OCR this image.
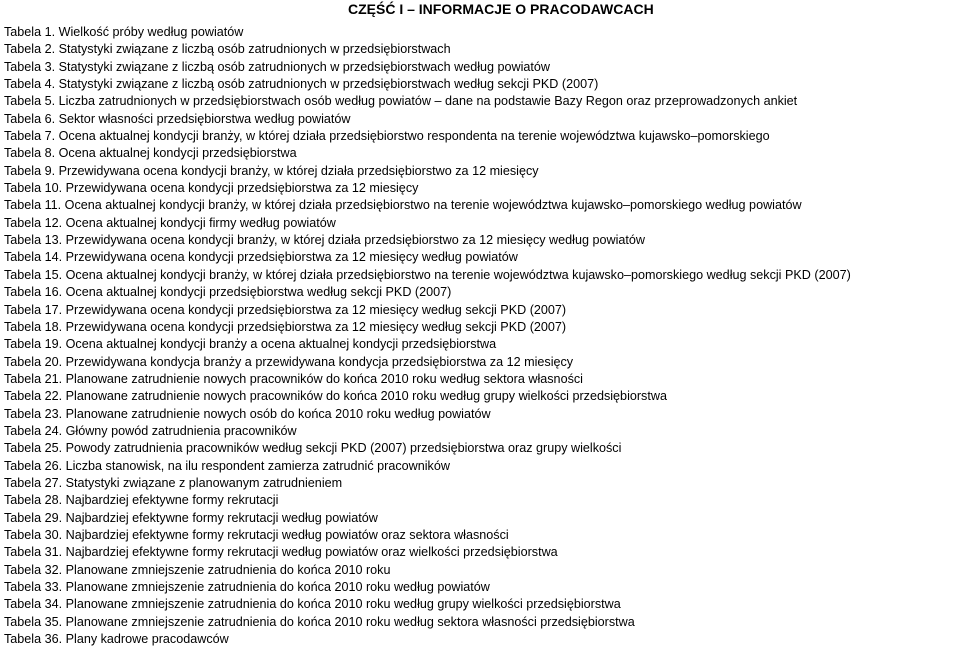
CZĘŚĆ I – INFORMACJE O PRACODAWCACH
Tabela 1. Wielkość próby według powiatów
Tabela 2. Statystyki związane z liczbą osób zatrudnionych w przedsiębiorstwach
Tabela 3. Statystyki związane z liczbą osób zatrudnionych w przedsiębiorstwach według powiatów
Tabela 4. Statystyki związane z liczbą osób zatrudnionych w przedsiębiorstwach według sekcji PKD (2007)
Tabela 5. Liczba zatrudnionych w przedsiębiorstwach osób według powiatów – dane na podstawie Bazy Regon oraz przeprowadzonych ankiet
Tabela 6. Sektor własności przedsiębiorstwa według powiatów
Tabela 7. Ocena aktualnej kondycji branży, w której działa przedsiębiorstwo respondenta na terenie województwa kujawsko–pomorskiego
Tabela 8. Ocena aktualnej kondycji przedsiębiorstwa
Tabela 9. Przewidywana ocena kondycji branży, w której działa przedsiębiorstwo za 12 miesięcy
Tabela 10. Przewidywana ocena kondycji przedsiębiorstwa za 12 miesięcy
Tabela 11. Ocena aktualnej kondycji branży, w której działa przedsiębiorstwo na terenie województwa kujawsko–pomorskiego według powiatów
Tabela 12. Ocena aktualnej kondycji firmy według powiatów
Tabela 13. Przewidywana ocena kondycji branży, w której działa przedsiębiorstwo za 12 miesięcy według powiatów
Tabela 14. Przewidywana ocena kondycji przedsiębiorstwa za 12 miesięcy według powiatów
Tabela 15. Ocena aktualnej kondycji branży, w której działa przedsiębiorstwo na terenie województwa kujawsko–pomorskiego według sekcji PKD (2007)
Tabela 16. Ocena aktualnej kondycji przedsiębiorstwa według sekcji PKD (2007)
Tabela 17. Przewidywana ocena kondycji przedsiębiorstwa za 12 miesięcy według sekcji PKD (2007)
Tabela 18. Przewidywana ocena kondycji przedsiębiorstwa za 12 miesięcy według sekcji PKD (2007)
Tabela 19. Ocena aktualnej kondycji branży a ocena aktualnej kondycji przedsiębiorstwa
Tabela 20. Przewidywana kondycja branży a przewidywana kondycja przedsiębiorstwa za 12 miesięcy
Tabela 21. Planowane zatrudnienie nowych pracowników do końca 2010 roku według sektora własności
Tabela 22. Planowane zatrudnienie nowych pracowników do końca 2010 roku według grupy wielkości przedsiębiorstwa
Tabela 23. Planowane zatrudnienie nowych osób do końca 2010 roku według powiatów
Tabela 24. Główny powód zatrudnienia pracowników
Tabela 25. Powody zatrudnienia pracowników według sekcji PKD (2007) przedsiębiorstwa oraz grupy wielkości
Tabela 26. Liczba stanowisk, na ilu respondent zamierza zatrudnić pracowników
Tabela 27. Statystyki związane z planowanym zatrudnieniem
Tabela 28. Najbardziej efektywne formy rekrutacji
Tabela 29. Najbardziej efektywne formy rekrutacji według powiatów
Tabela 30. Najbardziej efektywne formy rekrutacji według powiatów oraz sektora własności
Tabela 31. Najbardziej efektywne formy rekrutacji według powiatów oraz wielkości przedsiębiorstwa
Tabela 32. Planowane zmniejszenie zatrudnienia do końca 2010 roku
Tabela 33. Planowane zmniejszenie zatrudnienia do końca 2010 roku według powiatów
Tabela 34. Planowane zmniejszenie zatrudnienia do końca 2010 roku według grupy wielkości przedsiębiorstwa
Tabela 35. Planowane zmniejszenie zatrudnienia do końca 2010 roku według sektora własności przedsiębiorstwa
Tabela 36. Plany kadrowe pracodawców
